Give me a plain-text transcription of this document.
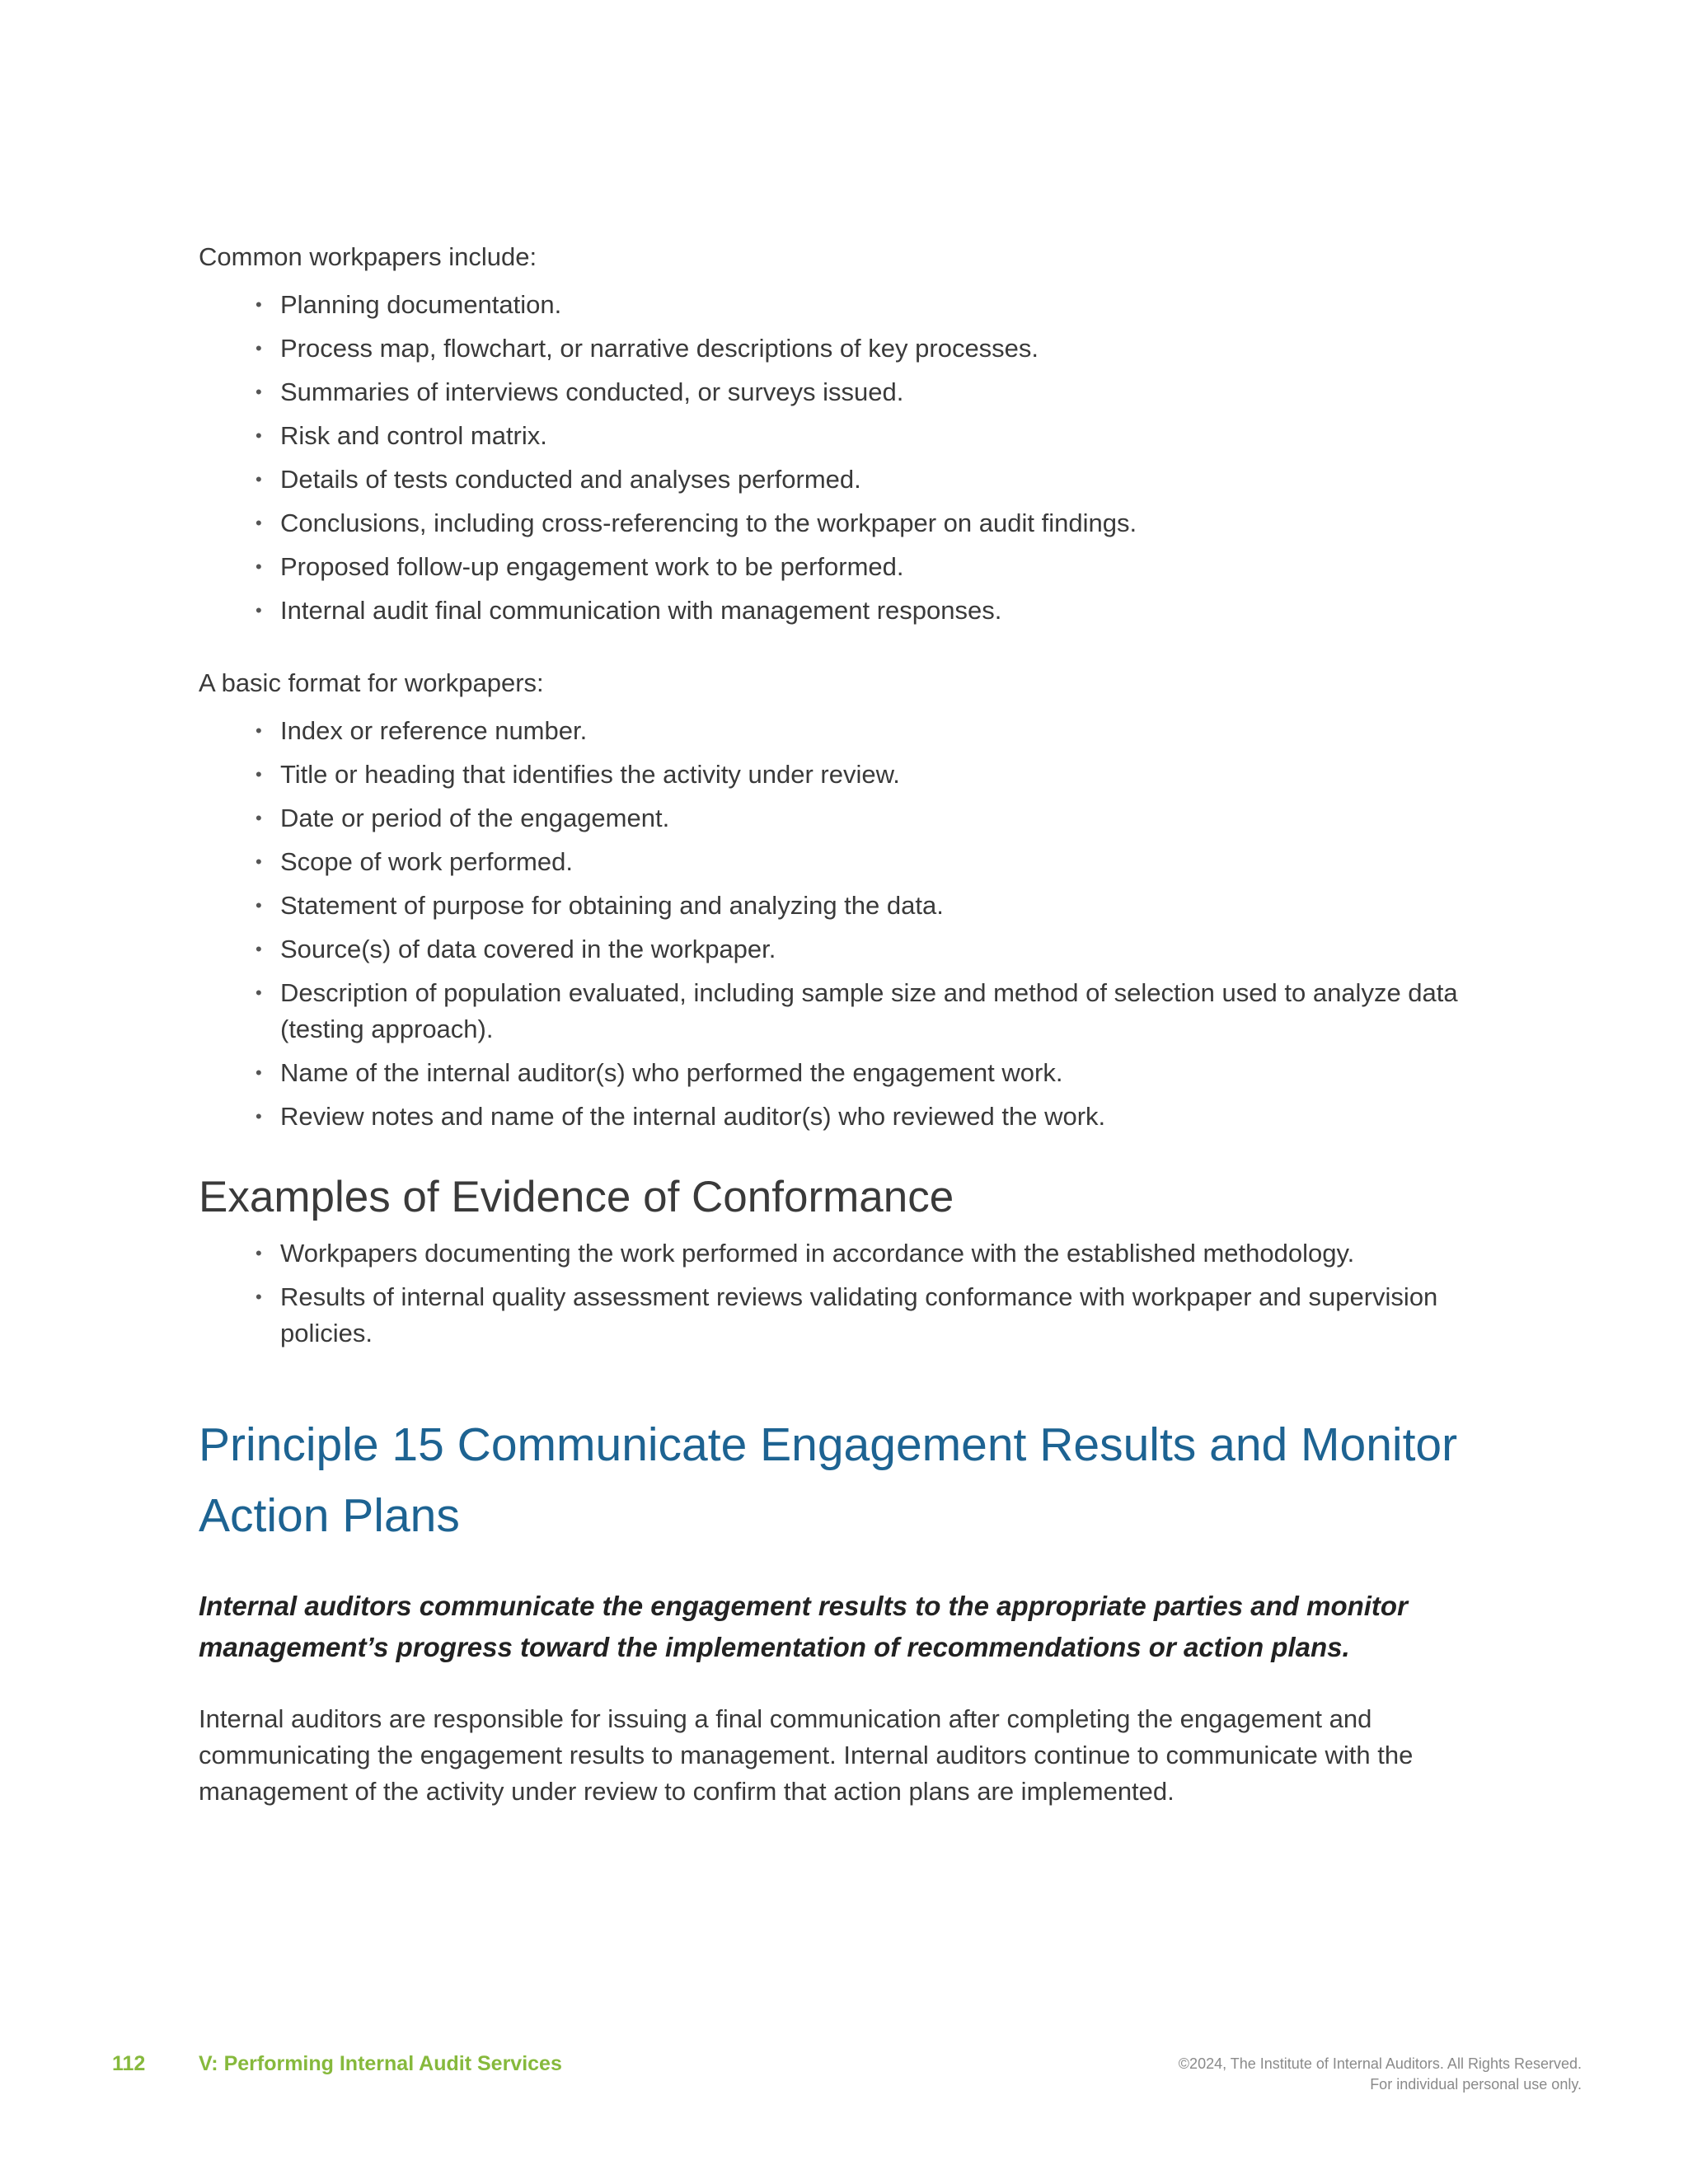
Common workpapers include:

• Planning documentation.
• Process map, flowchart, or narrative descriptions of key processes.
• Summaries of interviews conducted, or surveys issued.
• Risk and control matrix.
• Details of tests conducted and analyses performed.
• Conclusions, including cross-referencing to the workpaper on audit findings.
• Proposed follow-up engagement work to be performed.
• Internal audit final communication with management responses.

A basic format for workpapers:

• Index or reference number.
• Title or heading that identifies the activity under review.
• Date or period of the engagement.
• Scope of work performed.
• Statement of purpose for obtaining and analyzing the data.
• Source(s) of data covered in the workpaper.
• Description of population evaluated, including sample size and method of selection used to analyze data (testing approach).
• Name of the internal auditor(s) who performed the engagement work.
• Review notes and name of the internal auditor(s) who reviewed the work.
Examples of Evidence of Conformance
• Workpapers documenting the work performed in accordance with the established methodology.
• Results of internal quality assessment reviews validating conformance with workpaper and supervision policies.
Principle 15 Communicate Engagement Results and Monitor Action Plans

Internal auditors communicate the engagement results to the appropriate parties and monitor management’s progress toward the implementation of recommendations or action plans.

Internal auditors are responsible for issuing a final communication after completing the engagement and communicating the engagement results to management. Internal auditors continue to communicate with the management of the activity under review to confirm that action plans are implemented.

112	V: Performing Internal Audit Services	©2024, The Institute of Internal Auditors. All Rights Reserved.
For individual personal use only.
